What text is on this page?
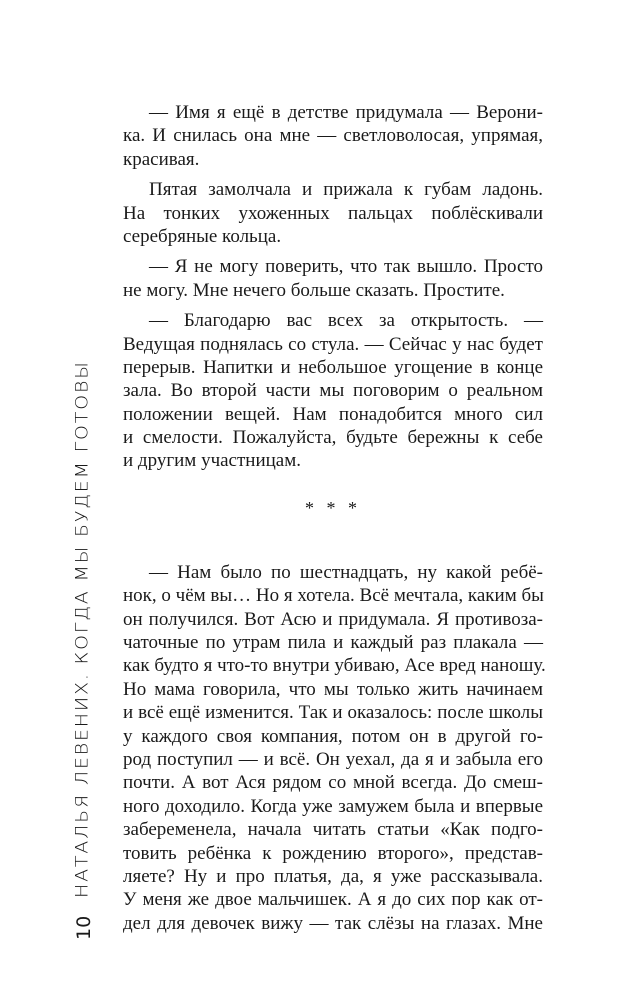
— Имя я ещё в детстве придумала — Верони-
ка. И снилась она мне — светловолосая, упрямая,
красивая.
Пятая замолчала и прижала к губам ладонь.
На тонких ухоженных пальцах поблёскивали
серебряные кольца.
— Я не могу поверить, что так вышло. Просто
не могу. Мне нечего больше сказать. Простите.
— Благодарю вас всех за открытость. —
Ведущая поднялась со стула. — Сейчас у нас будет
перерыв. Напитки и небольшое угощение в конце
зала. Во второй части мы поговорим о реальном
положении вещей. Нам понадобится много сил
и смелости. Пожалуйста, будьте бережны к себе
и другим участницам.
* * *
— Нам было по шестнадцать, ну какой ребё-
нок, о чём вы… Но я хотела. Всё мечтала, каким бы
он получился. Вот Асю и придумала. Я противоза-
чаточные по утрам пила и каждый раз плакала —
как будто я что-то внутри убиваю, Асе вред наношу.
Но мама говорила, что мы только жить начинаем
и всё ещё изменится. Так и оказалось: после школы
у каждого своя компания, потом он в другой го-
род поступил — и всё. Он уехал, да я и забыла его
почти. А вот Ася рядом со мной всегда. До смеш-
ного доходило. Когда уже замужем была и впервые
забеременела, начала читать статьи «Как подго-
товить ребёнка к рождению второго», представ-
ляете? Ну и про платья, да, я уже рассказывала.
У меня же двое мальчишек. А я до сих пор как от-
дел для девочек вижу — так слёзы на глазах. Мне
НАТАЛЬЯ ЛЕВЕНИХ. КОГДА МЫ БУДЕМ ГОТОВЫ
10
